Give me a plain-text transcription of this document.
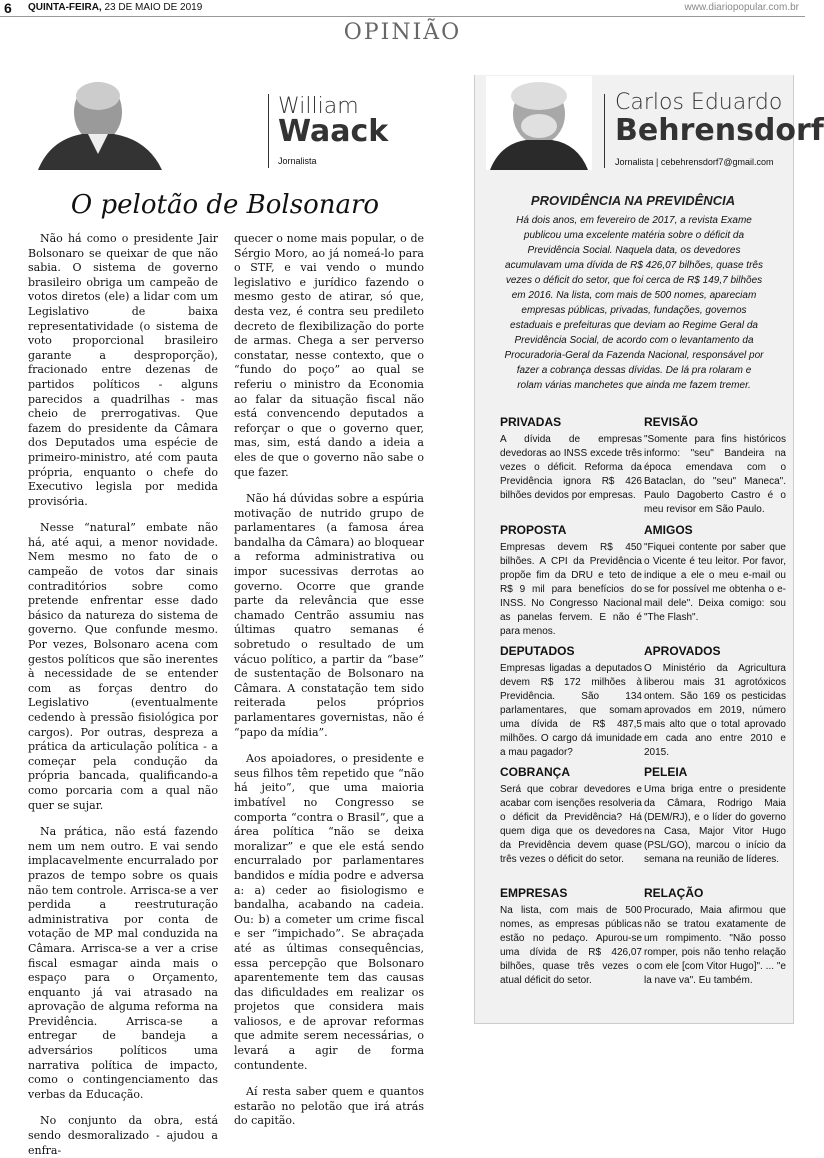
6 QUINTA-FEIRA, 23 DE MAIO DE 2019	www.diariopopular.com.br
OPINIÃO
William
Waack
Jornalista
Carlos Eduardo
Behrensdorf
Jornalista | cebehrensdorf7@gmail.com
O pelotão de Bolsonaro

Não há como o presidente Jair Bolsonaro se queixar de que não sabia. O sistema de governo brasileiro obriga um campeão de votos diretos (ele) a lidar com um Legislativo de baixa representatividade (o sistema de voto proporcional brasileiro garante a desproporção), fracionado entre dezenas de partidos políticos - alguns parecidos a quadrilhas - mas cheio de prerrogativas. Que fazem do presidente da Câmara dos Deputados uma espécie de primeiro-ministro, até com pauta própria, enquanto o chefe do Executivo legisla por medida provisória.

Nesse “natural” embate não há, até aqui, a menor novidade. Nem mesmo no fato de o campeão de votos dar sinais contraditórios sobre como pretende enfrentar esse dado básico da natureza do sistema de governo. Que confunde mesmo. Por vezes, Bolsonaro acena com gestos políticos que são inerentes à necessidade de se entender com as forças dentro do Legislativo (eventualmente cedendo à pressão fisiológica por cargos). Por outras, despreza a prática da articulação política - a começar pela condução da própria bancada, qualificando-a como porcaria com a qual não quer se sujar.

Na prática, não está fazendo nem um nem outro. E vai sendo implacavelmente encurralado por prazos de tempo sobre os quais não tem controle. Arrisca-se a ver perdida a reestruturação administrativa por conta de votação de MP mal conduzida na Câmara. Arrisca-se a ver a crise fiscal esmagar ainda mais o espaço para o Orçamento, enquanto já vai atrasado na aprovação de alguma reforma na Previdência. Arrisca-se a entregar de bandeja a adversários políticos uma narrativa política de impacto, como o contingenciamento das verbas da Educação.

No conjunto da obra, está sendo desmoralizado - ajudou a enfra-

quecer o nome mais popular, o de Sérgio Moro, ao já nomeá-lo para o STF, e vai vendo o mundo legislativo e jurídico fazendo o mesmo gesto de atirar, só que, desta vez, é contra seu predileto decreto de flexibilização do porte de armas. Chega a ser perverso constatar, nesse contexto, que o “fundo do poço” ao qual se referiu o ministro da Economia ao falar da situação fiscal não está convencendo deputados a reforçar o que o governo quer, mas, sim, está dando a ideia a eles de que o governo não sabe o que fazer.

Não há dúvidas sobre a espúria motivação de nutrido grupo de parlamentares (a famosa área bandalha da Câmara) ao bloquear a reforma administrativa ou impor sucessivas derrotas ao governo. Ocorre que grande parte da relevância que esse chamado Centrão assumiu nas últimas quatro semanas é sobretudo o resultado de um vácuo político, a partir da “base” de sustentação de Bolsonaro na Câmara. A constatação tem sido reiterada pelos próprios parlamentares governistas, não é “papo da mídia”.

Aos apoiadores, o presidente e seus filhos têm repetido que “não há jeito”, que uma maioria imbatível no Congresso se comporta “contra o Brasil”, que a área política “não se deixa moralizar” e que ele está sendo encurralado por parlamentares bandidos e mídia podre e adversa a: a) ceder ao fisiologismo e bandalha, acabando na cadeia. Ou: b) a cometer um crime fiscal e ser “impichado”. Se abraçada até as últimas consequências, essa percepção que Bolsonaro aparentemente tem das causas das dificuldades em realizar os projetos que considera mais valiosos, e de aprovar reformas que admite serem necessárias, o levará a agir de forma contundente.

Aí resta saber quem e quantos estarão no pelotão que irá atrás do capitão.

PROVIDÊNCIA NA PREVIDÊNCIA
Há dois anos, em fevereiro de 2017, a revista Exame publicou uma excelente matéria sobre o déficit da Previdência Social. Naquela data, os devedores acumulavam uma dívida de R$ 426,07 bilhões, quase três vezes o déficit do setor, que foi cerca de R$ 149,7 bilhões em 2016. Na lista, com mais de 500 nomes, apareciam empresas públicas, privadas, fundações, governos estaduais e prefeituras que deviam ao Regime Geral da Previdência Social, de acordo com o levantamento da Procuradoria-Geral da Fazenda Nacional, responsável por fazer a cobrança dessas dívidas. De lá pra rolaram e rolam várias manchetes que ainda me fazem tremer.
PRIVADAS

A dívida de empresas devedoras ao INSS excede três vezes o déficit. Reforma da Previdência ignora R$ 426 bilhões devidos por empresas.

PROPOSTA

Empresas devem R$ 450 bilhões. A CPI da Previdência propõe fim da DRU e teto de R$ 9 mil para benefícios do INSS. No Congresso Nacional as panelas fervem. E não é para menos.

DEPUTADOS

Empresas ligadas a deputados devem R$ 172 milhões à Previdência. São 134 parlamentares, que somam uma dívida de R$ 487,5 milhões. O cargo dá imunidade a mau pagador?

COBRANÇA

Será que cobrar devedores e acabar com isenções resolveria o déficit da Previdência? Há quem diga que os devedores da Previdência devem quase três vezes o déficit do setor.

EMPRESAS

Na lista, com mais de 500 nomes, as empresas públicas estão no pedaço. Apurou-se uma dívida de R$ 426,07 bilhões, quase três vezes o atual déficit do setor.

REVISÃO

"Somente para fins históricos informo: "seu" Bandeira na época emendava com o Bataclan, do "seu" Maneca". Paulo Dagoberto Castro é o meu revisor em São Paulo.

AMIGOS

"Fiquei contente por saber que o Vicente é teu leitor. Por favor, indique a ele o meu e-mail ou se for possível me obtenha o e-mail dele". Deixa comigo: sou "The Flash".

APROVADOS

O Ministério da Agricultura liberou mais 31 agrotóxicos ontem. São 169 os pesticidas aprovados em 2019, número mais alto que o total aprovado em cada ano entre 2010 e 2015.

PELEIA

Uma briga entre o presidente da Câmara, Rodrigo Maia (DEM/RJ), e o líder do governo na Casa, Major Vitor Hugo (PSL/GO), marcou o início da semana na reunião de líderes.

RELAÇÃO

Procurado, Maia afirmou que não se tratou exatamente de um rompimento. "Não posso romper, pois não tenho relação com ele [com Vitor Hugo]". ... "e la nave va". Eu também.
